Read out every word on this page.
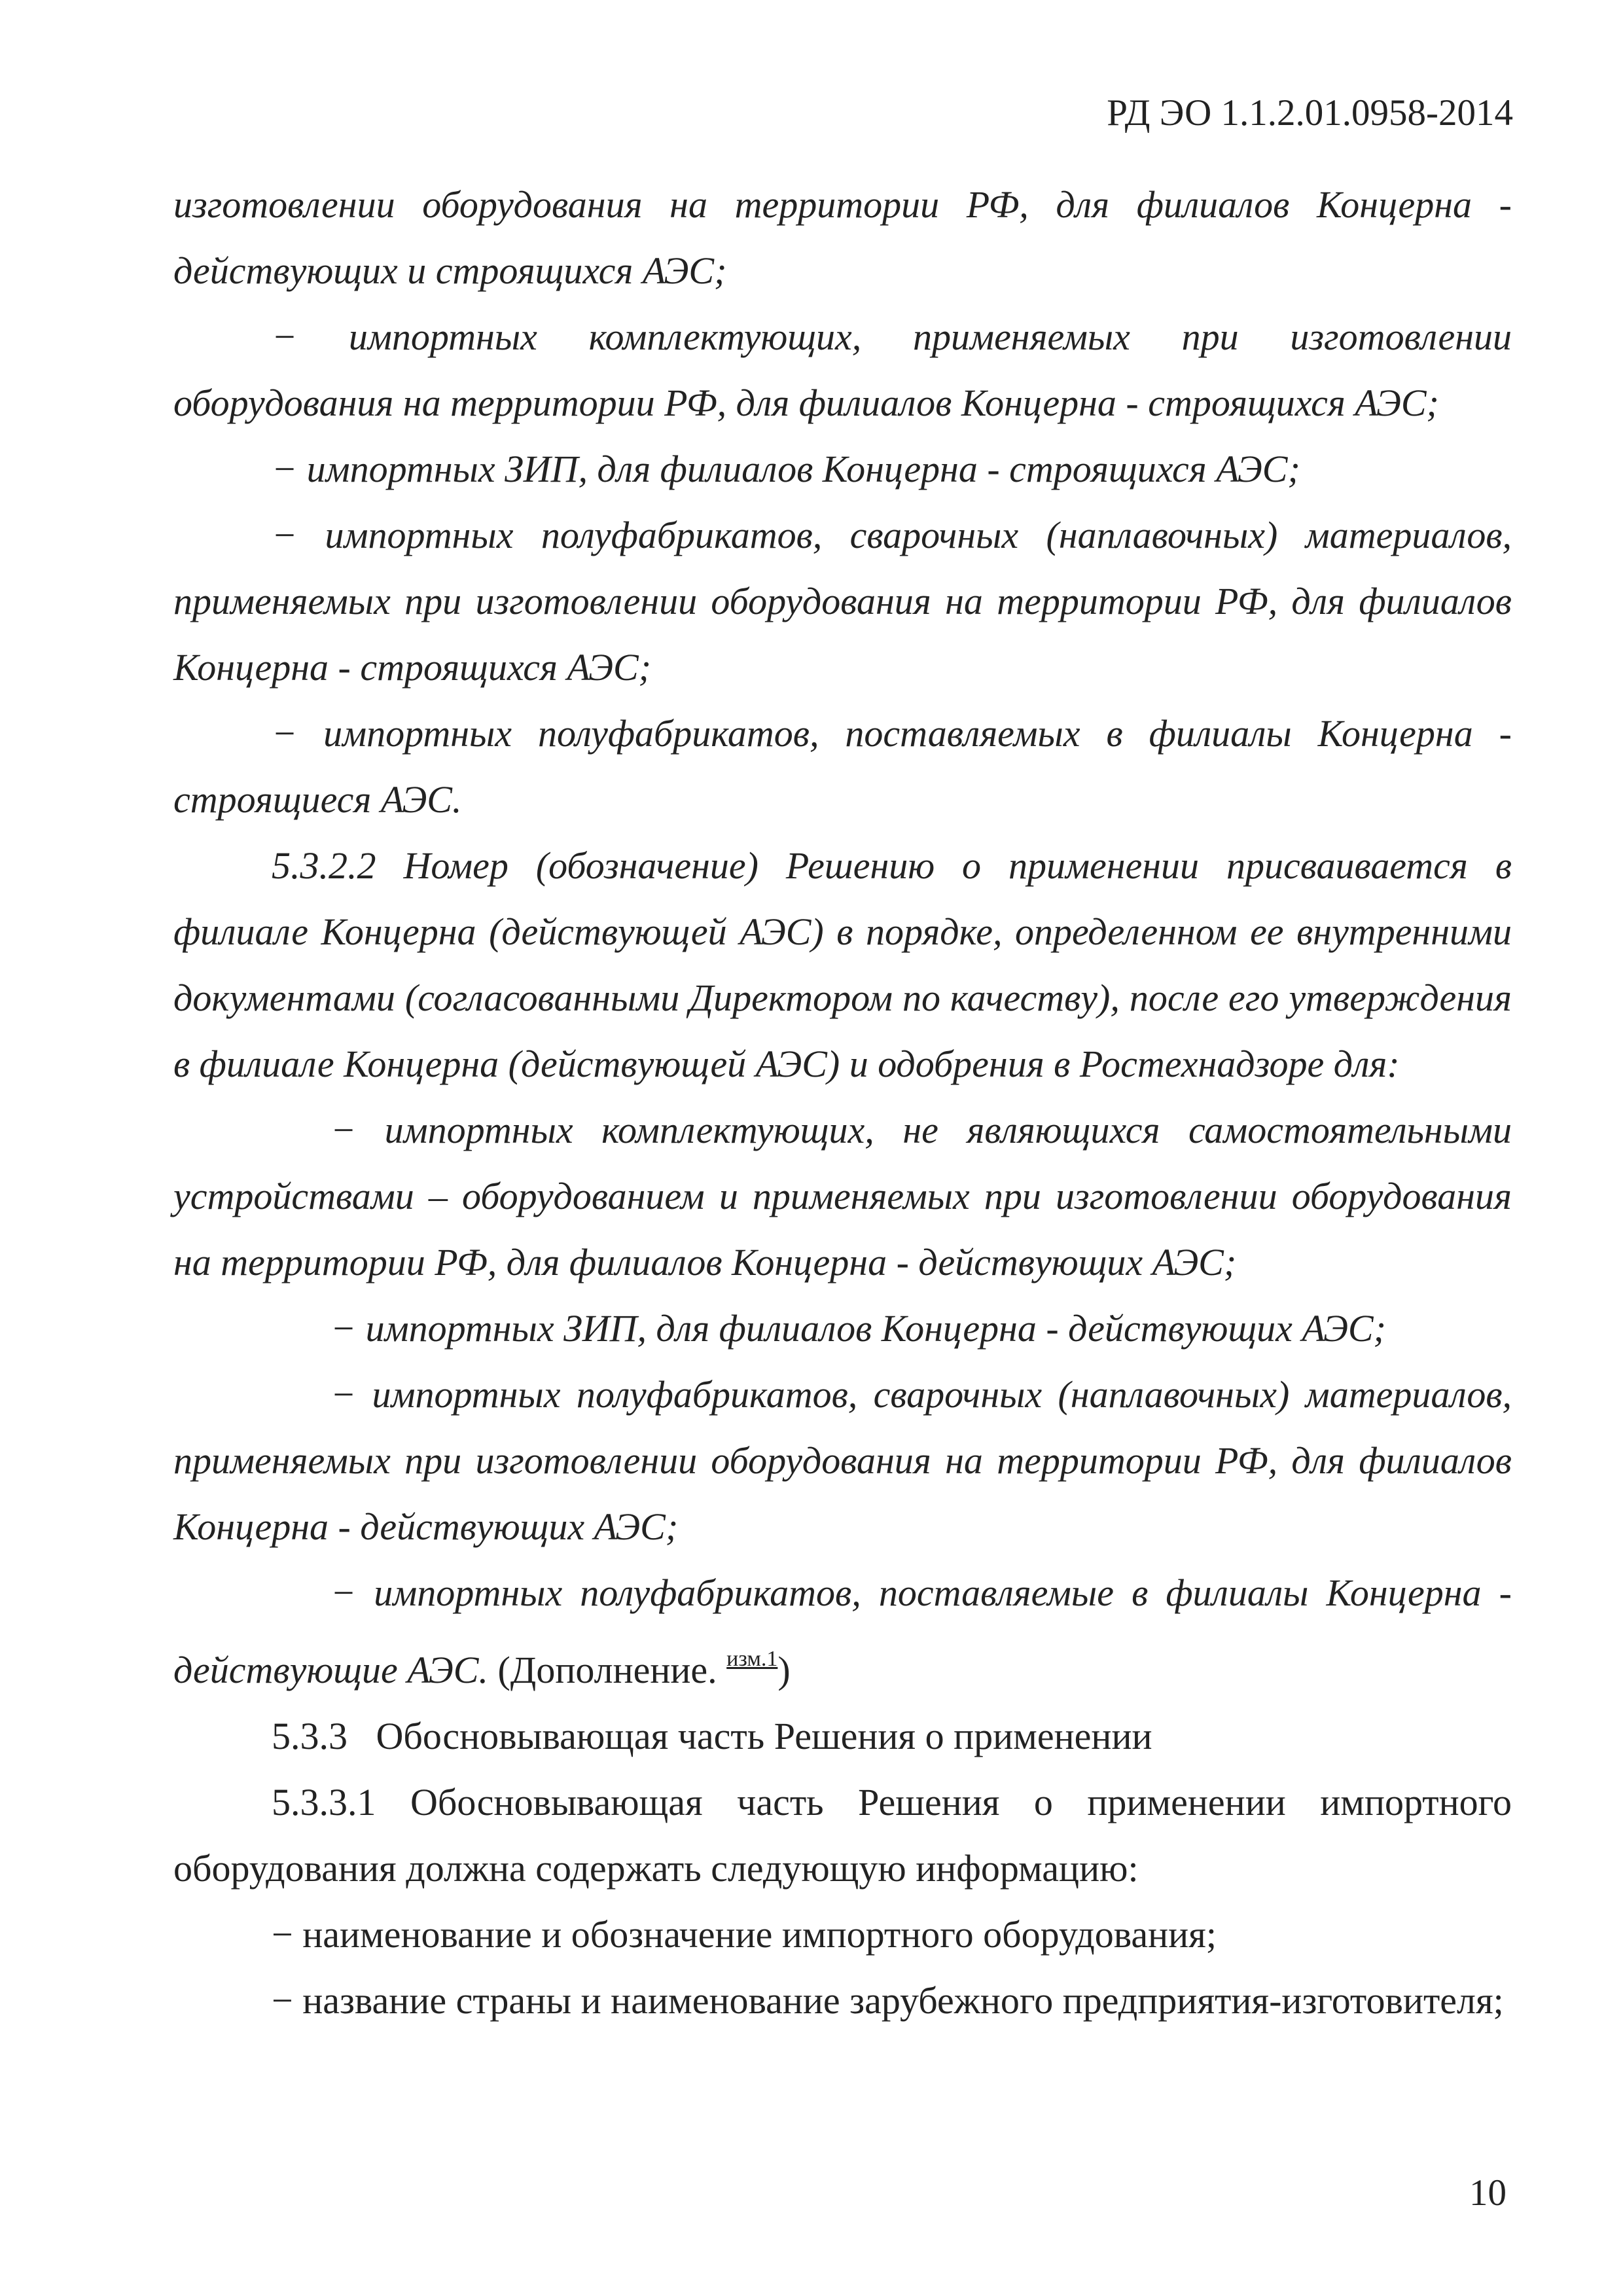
РД ЭО 1.1.2.01.0958-2014

изготовлении оборудования на территории РФ, для филиалов Концерна - действующих и строящихся АЭС;

− импортных комплектующих, применяемых при изготовлении оборудования на территории РФ, для филиалов Концерна - строящихся АЭС;

− импортных ЗИП, для филиалов Концерна - строящихся АЭС;

− импортных полуфабрикатов, сварочных (наплавочных) материалов, применяемых при изготовлении оборудования на территории РФ, для филиалов Концерна - строящихся АЭС;

− импортных полуфабрикатов, поставляемых в филиалы Концерна - строящиеся АЭС.

5.3.2.2 Номер (обозначение) Решению о применении присваивается в филиале Концерна (действующей АЭС) в порядке, определенном ее внутренними документами (согласованными Директором по качеству), после его утверждения в филиале Концерна (действующей АЭС) и одобрения в Ростехнадзоре для:

− импортных комплектующих, не являющихся самостоятельными устройствами – оборудованием и применяемых при изготовлении оборудования на территории РФ, для филиалов Концерна - действующих АЭС;

− импортных ЗИП, для филиалов Концерна - действующих АЭС;

− импортных полуфабрикатов, сварочных (наплавочных) материалов, применяемых при изготовлении оборудования на территории РФ, для филиалов Концерна - действующих АЭС;

− импортных полуфабрикатов, поставляемые в филиалы Концерна - действующие АЭС. (Дополнение. $^{изм.1}$)

5.3.3   Обосновывающая часть Решения о применении

5.3.3.1 Обосновывающая часть Решения о применении импортного оборудования должна содержать следующую информацию:

− наименование и обозначение импортного оборудования;

− название страны и наименование зарубежного предприятия-изготовителя;

10
